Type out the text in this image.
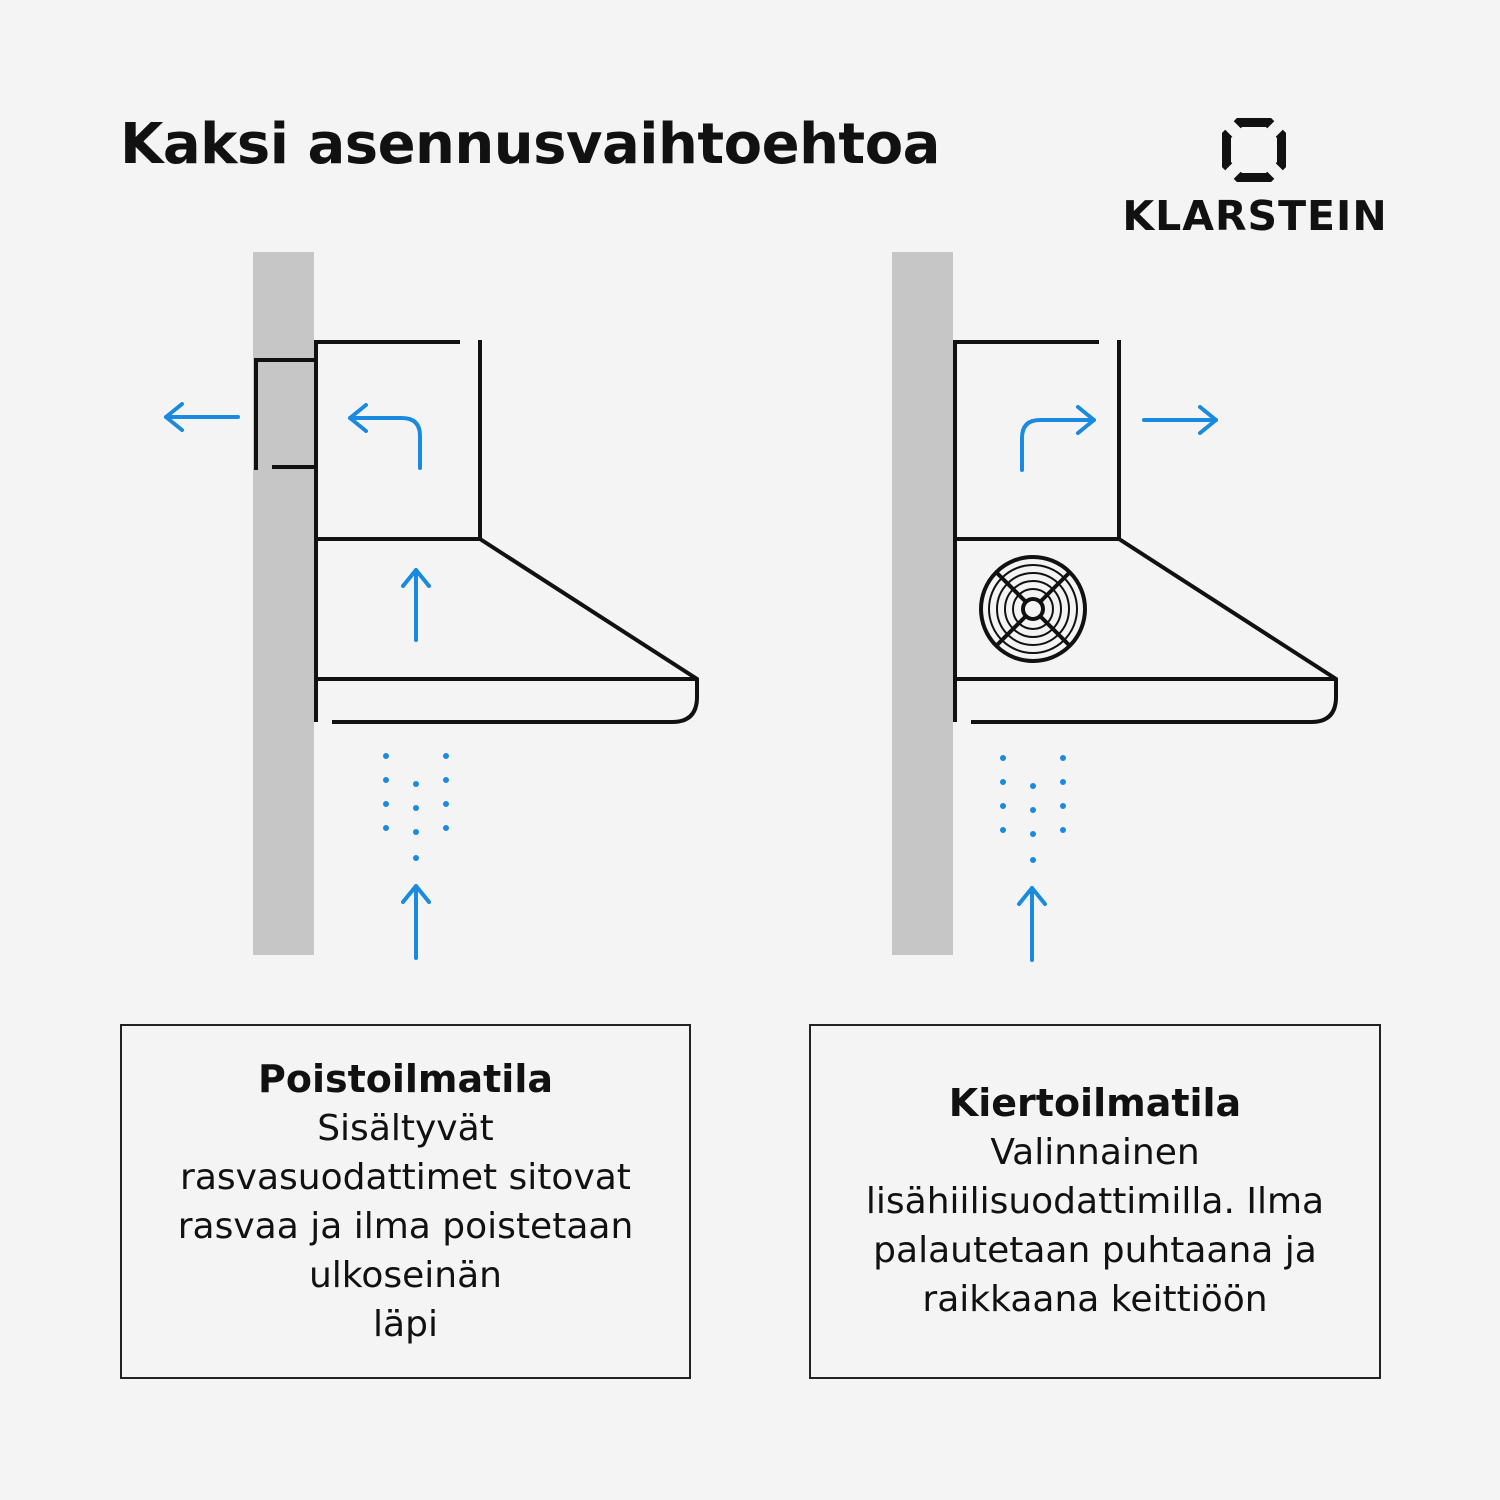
Kaksi asennusvaihtoehtoa
KLARSTEIN
Poistoilmatila
Sisältyvät
rasvasuodattimet sitovat
rasvaa ja ilma poistetaan
ulkoseinän
läpi
Kiertoilmatila
Valinnainen
lisähiilisuodattimilla. Ilma
palautetaan puhtaana ja
raikkaana keittiöön
